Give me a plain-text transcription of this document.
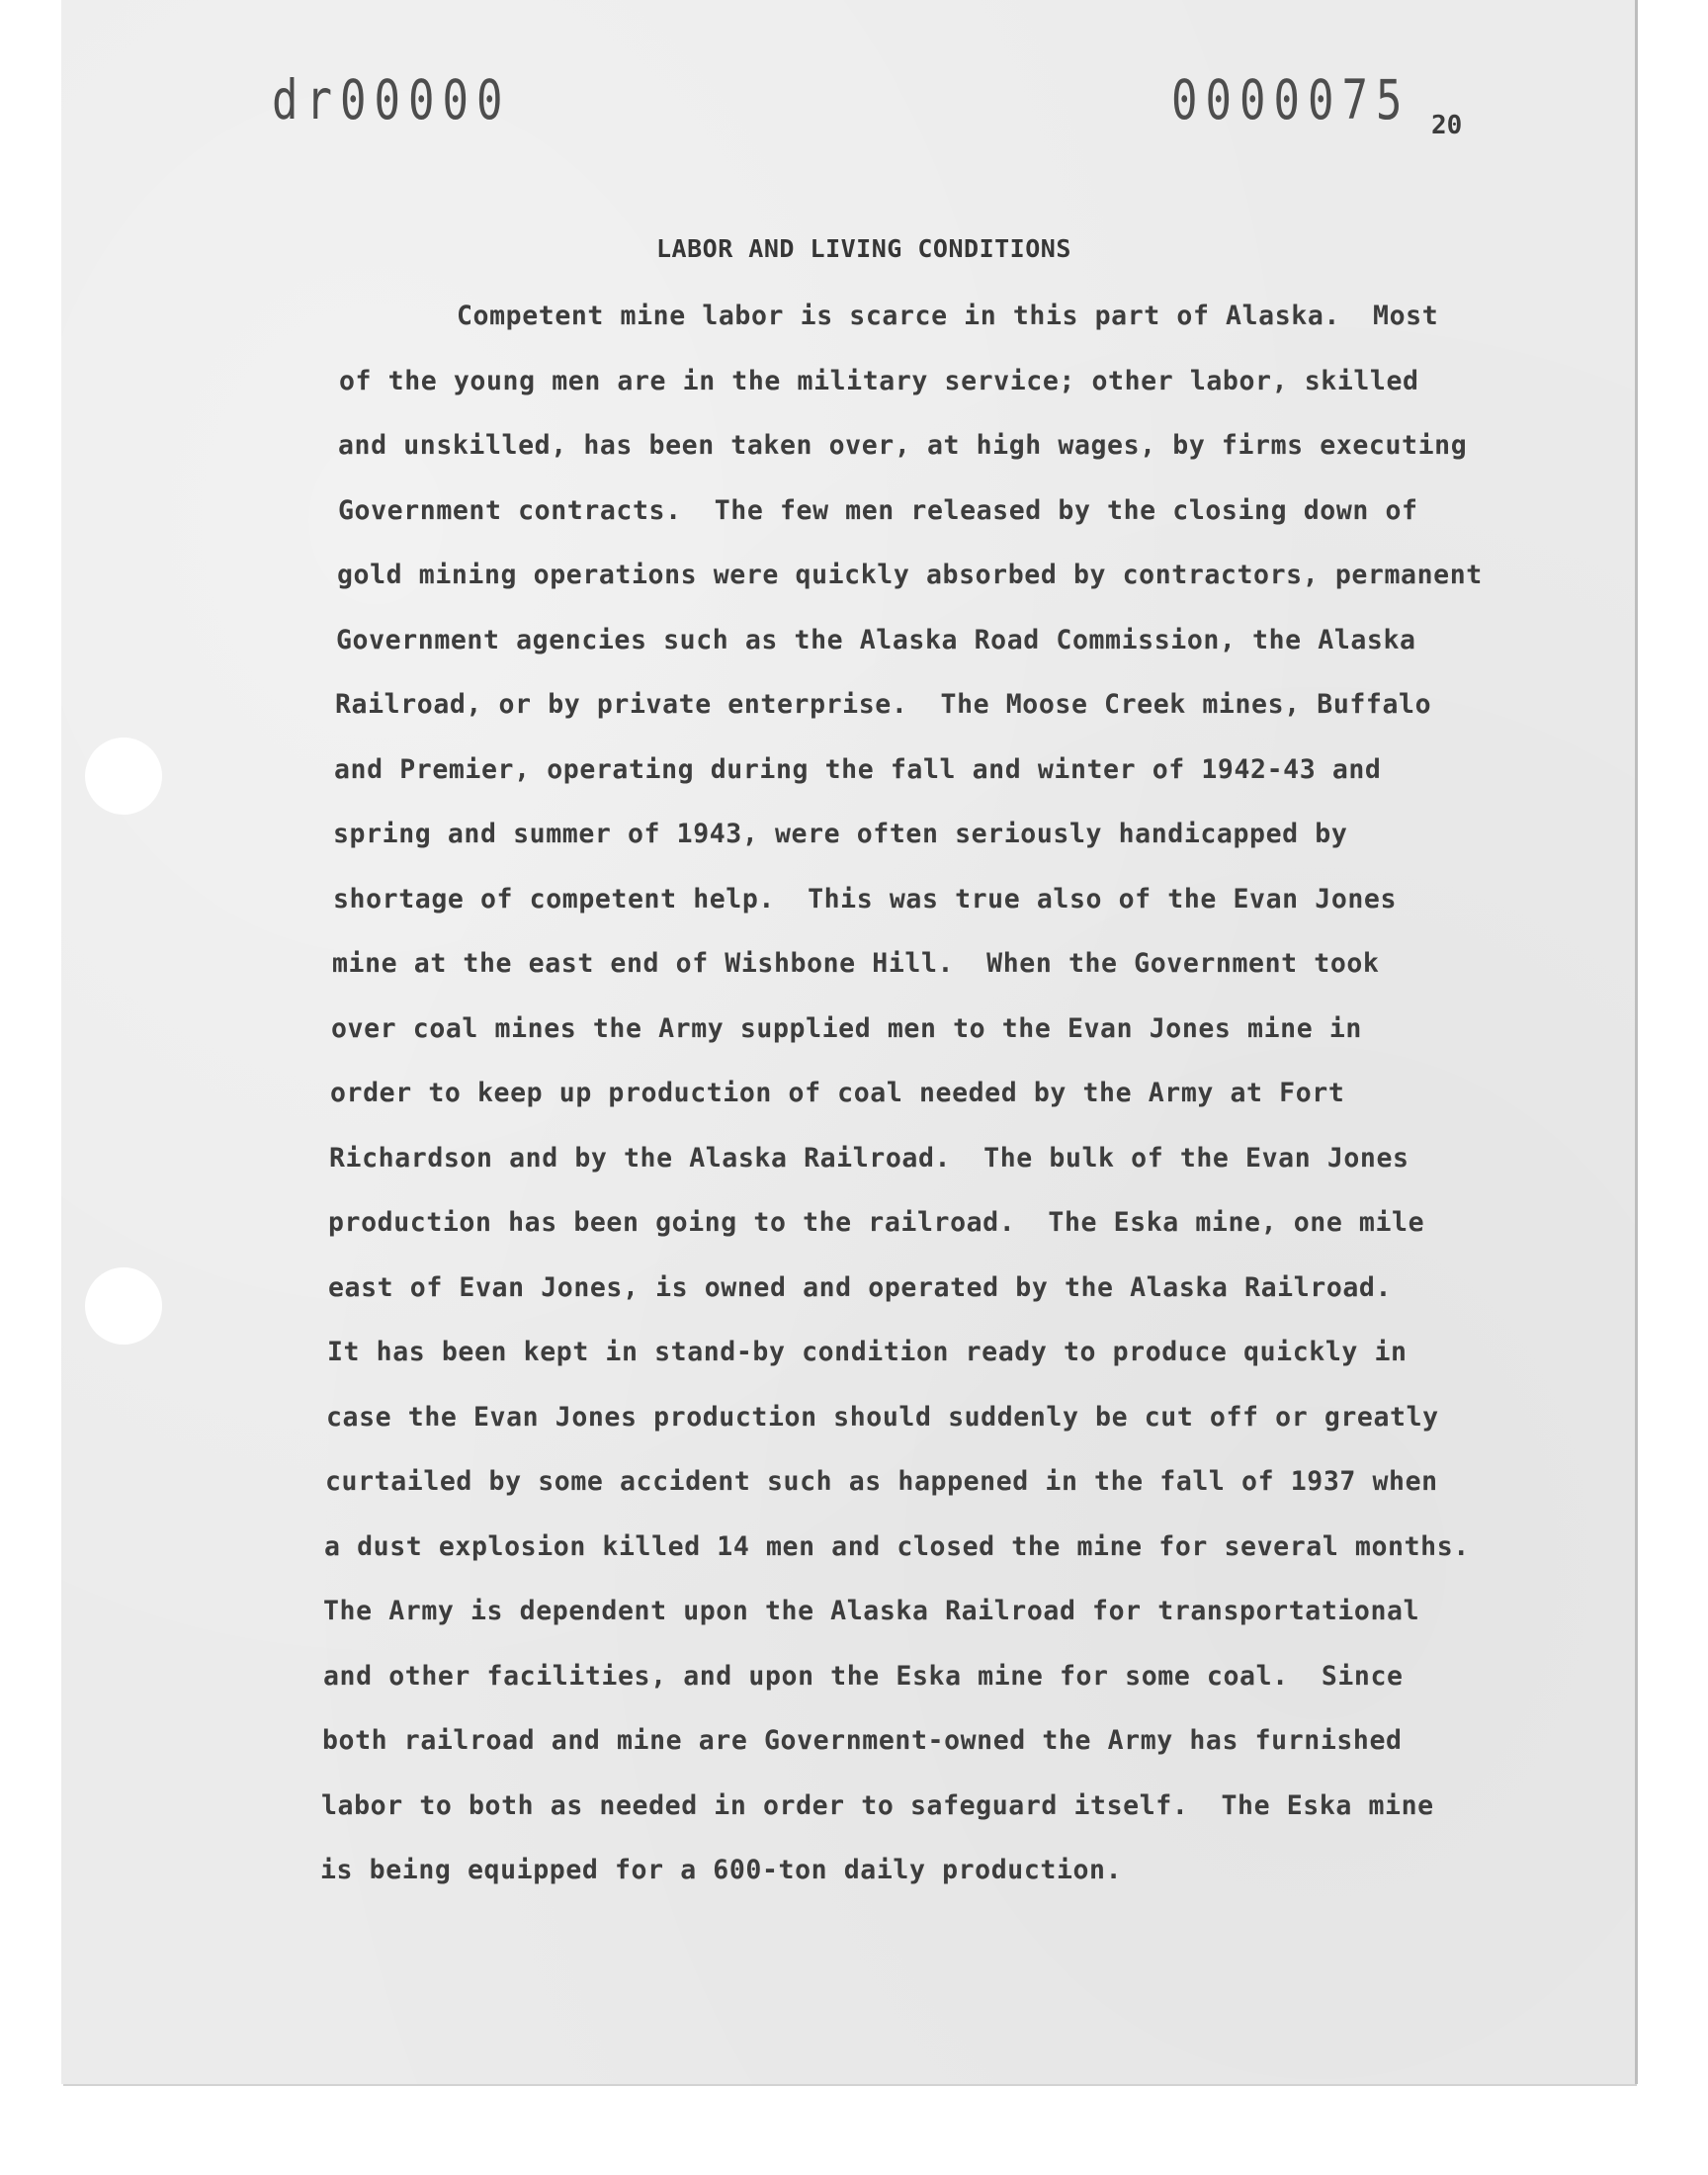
dr00000	0000075 20
LABOR AND LIVING CONDITIONS
Competent mine labor is scarce in this part of Alaska.  Most
of the young men are in the military service; other labor, skilled
and unskilled, has been taken over, at high wages, by firms executing
Government contracts.  The few men released by the closing down of
gold mining operations were quickly absorbed by contractors, permanent
Government agencies such as the Alaska Road Commission, the Alaska
Railroad, or by private enterprise.  The Moose Creek mines, Buffalo
and Premier, operating during the fall and winter of 1942-43 and
spring and summer of 1943, were often seriously handicapped by
shortage of competent help.  This was true also of the Evan Jones
mine at the east end of Wishbone Hill.  When the Government took
over coal mines the Army supplied men to the Evan Jones mine in
order to keep up production of coal needed by the Army at Fort
Richardson and by the Alaska Railroad.  The bulk of the Evan Jones
production has been going to the railroad.  The Eska mine, one mile
east of Evan Jones, is owned and operated by the Alaska Railroad.
It has been kept in stand-by condition ready to produce quickly in
case the Evan Jones production should suddenly be cut off or greatly
curtailed by some accident such as happened in the fall of 1937 when
a dust explosion killed 14 men and closed the mine for several months.
The Army is dependent upon the Alaska Railroad for transportational
and other facilities, and upon the Eska mine for some coal.  Since
both railroad and mine are Government-owned the Army has furnished
labor to both as needed in order to safeguard itself.  The Eska mine
is being equipped for a 600-ton daily production.
